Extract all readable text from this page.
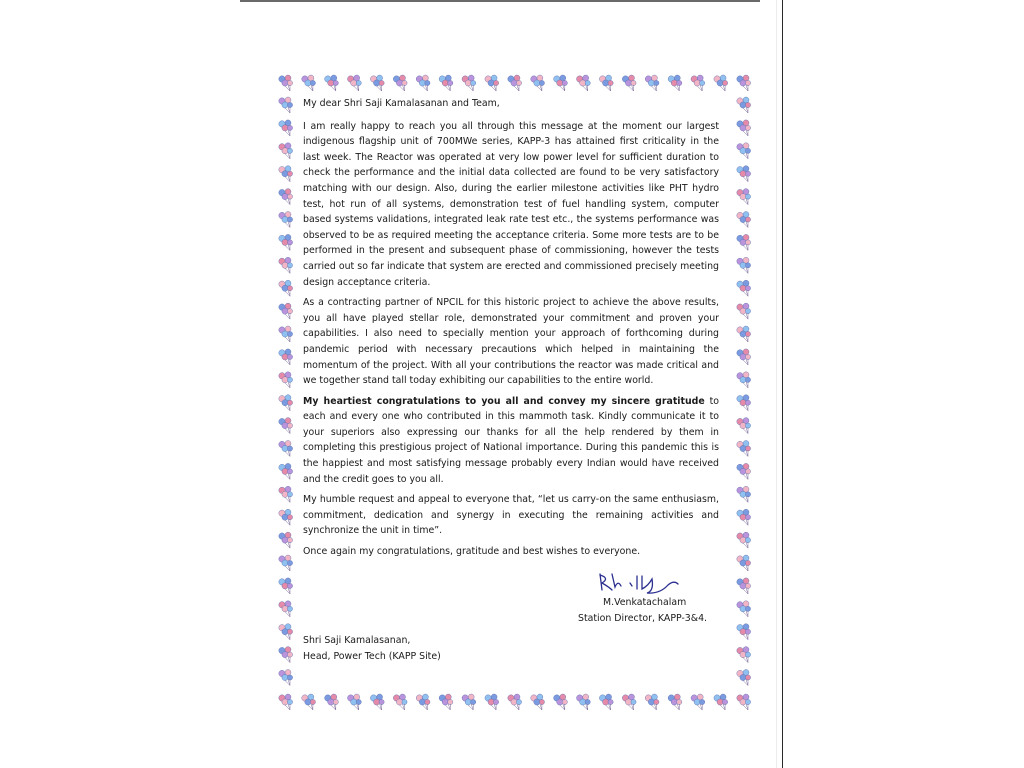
My dear Shri Saji Kamalasanan and Team,

I am really happy to reach you all through this message at the moment our largest indigenous flagship unit of 700MWe series, KAPP-3 has attained first criticality in the last week. The Reactor was operated at very low power level for sufficient duration to check the performance and the initial data collected are found to be very satisfactory matching with our design. Also, during the earlier milestone activities like PHT hydro test, hot run of all systems, demonstration test of fuel handling system, computer based systems validations, integrated leak rate test etc., the systems performance was observed to be as required meeting the acceptance criteria. Some more tests are to be performed in the present and subsequent phase of commissioning, however the tests carried out so far indicate that system are erected and commissioned precisely meeting design acceptance criteria.

As a contracting partner of NPCIL for this historic project to achieve the above results, you all have played stellar role, demonstrated your commitment and proven your capabilities. I also need to specially mention your approach of forthcoming during pandemic period with necessary precautions which helped in maintaining the momentum of the project. With all your contributions the reactor was made critical and we together stand tall today exhibiting our capabilities to the entire world.

My heartiest congratulations to you all and convey my sincere gratitude to each and every one who contributed in this mammoth task. Kindly communicate it to your superiors also expressing our thanks for all the help rendered by them in completing this prestigious project of National importance. During this pandemic this is the happiest and most satisfying message probably every Indian would have received and the credit goes to you all.

My humble request and appeal to everyone that, “let us carry-on the same enthusiasm, commitment, dedication and synergy in executing the remaining activities and synchronize the unit in time”.

Once again my congratulations, gratitude and best wishes to everyone.

M.Venkatachalam
Station Director, KAPP-3&4.
Shri Saji Kamalasanan,
Head, Power Tech (KAPP Site)
